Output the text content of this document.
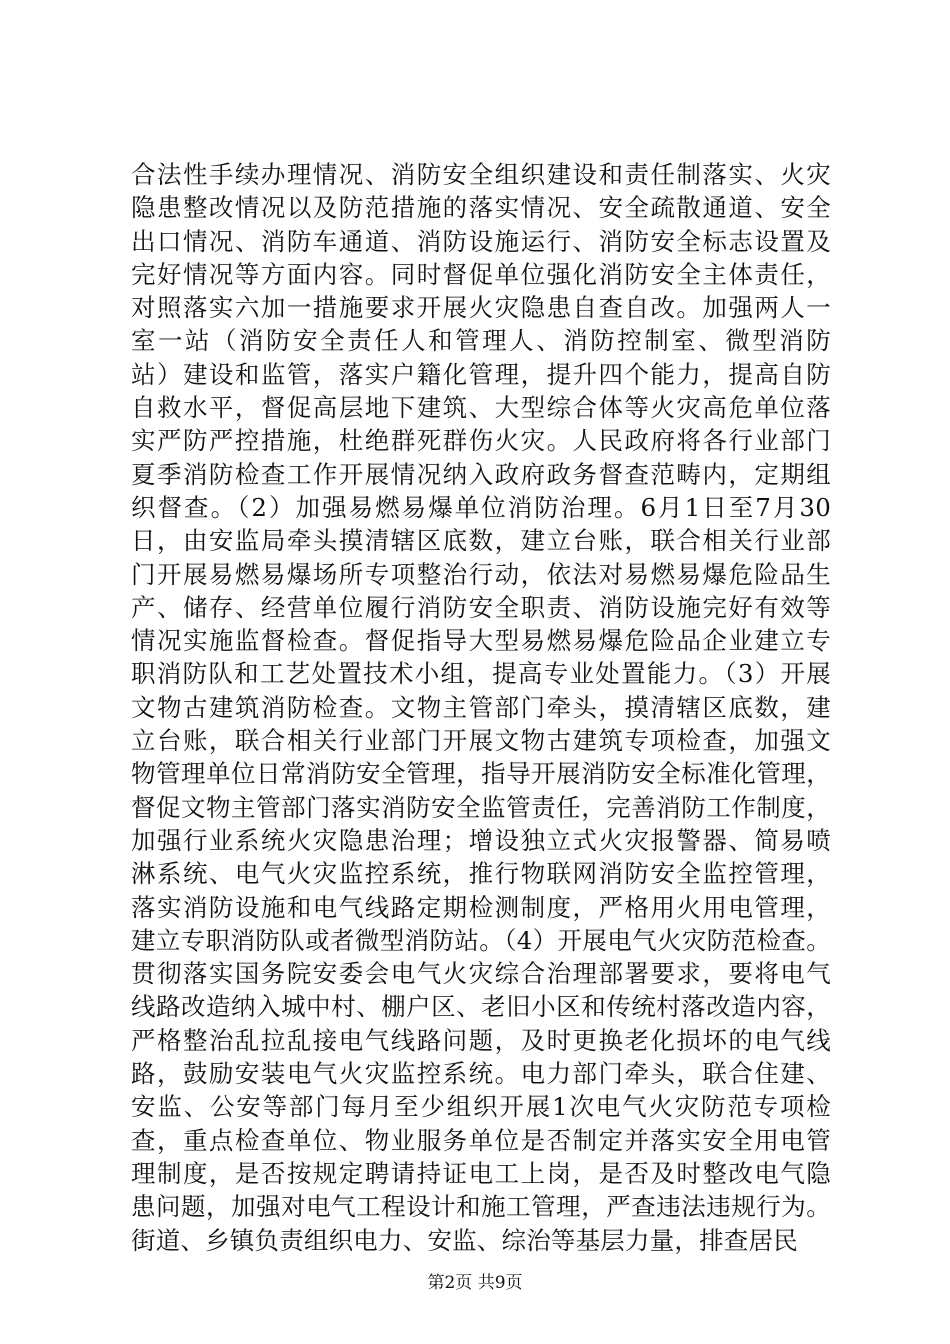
合法性手续办理情况、消防安全组织建设和责任制落实、火灾
隐患整改情况以及防范措施的落实情况、安全疏散通道、安全
出口情况、消防车通道、消防设施运行、消防安全标志设置及
完好情况等方面内容。同时督促单位强化消防安全主体责任，
对照落实六加一措施要求开展火灾隐患自查自改。加强两人一
室一站（消防安全责任人和管理人、消防控制室、微型消防
站）建设和监管，落实户籍化管理，提升四个能力，提高自防
自救水平，督促高层地下建筑、大型综合体等火灾高危单位落
实严防严控措施，杜绝群死群伤火灾。人民政府将各行业部门
夏季消防检查工作开展情况纳入政府政务督查范畴内，定期组
织督查。（2）加强易燃易爆单位消防治理。6月1日至7月30
日，由安监局牵头摸清辖区底数，建立台账，联合相关行业部
门开展易燃易爆场所专项整治行动，依法对易燃易爆危险品生
产、储存、经营单位履行消防安全职责、消防设施完好有效等
情况实施监督检查。督促指导大型易燃易爆危险品企业建立专
职消防队和工艺处置技术小组，提高专业处置能力。（3）开展
文物古建筑消防检查。文物主管部门牵头，摸清辖区底数，建
立台账，联合相关行业部门开展文物古建筑专项检查，加强文
物管理单位日常消防安全管理，指导开展消防安全标准化管理，
督促文物主管部门落实消防安全监管责任，完善消防工作制度，
加强行业系统火灾隐患治理；增设独立式火灾报警器、简易喷
淋系统、电气火灾监控系统，推行物联网消防安全监控管理，
落实消防设施和电气线路定期检测制度，严格用火用电管理，
建立专职消防队或者微型消防站。（4）开展电气火灾防范检查。
贯彻落实国务院安委会电气火灾综合治理部署要求，要将电气
线路改造纳入城中村、棚户区、老旧小区和传统村落改造内容，
严格整治乱拉乱接电气线路问题，及时更换老化损坏的电气线
路，鼓励安装电气火灾监控系统。电力部门牵头，联合住建、
安监、公安等部门每月至少组织开展1次电气火灾防范专项检
查，重点检查单位、物业服务单位是否制定并落实安全用电管
理制度，是否按规定聘请持证电工上岗，是否及时整改电气隐
患问题，加强对电气工程设计和施工管理，严查违法违规行为。
街道、乡镇负责组织电力、安监、综治等基层力量，排查居民
第2页 共9页
